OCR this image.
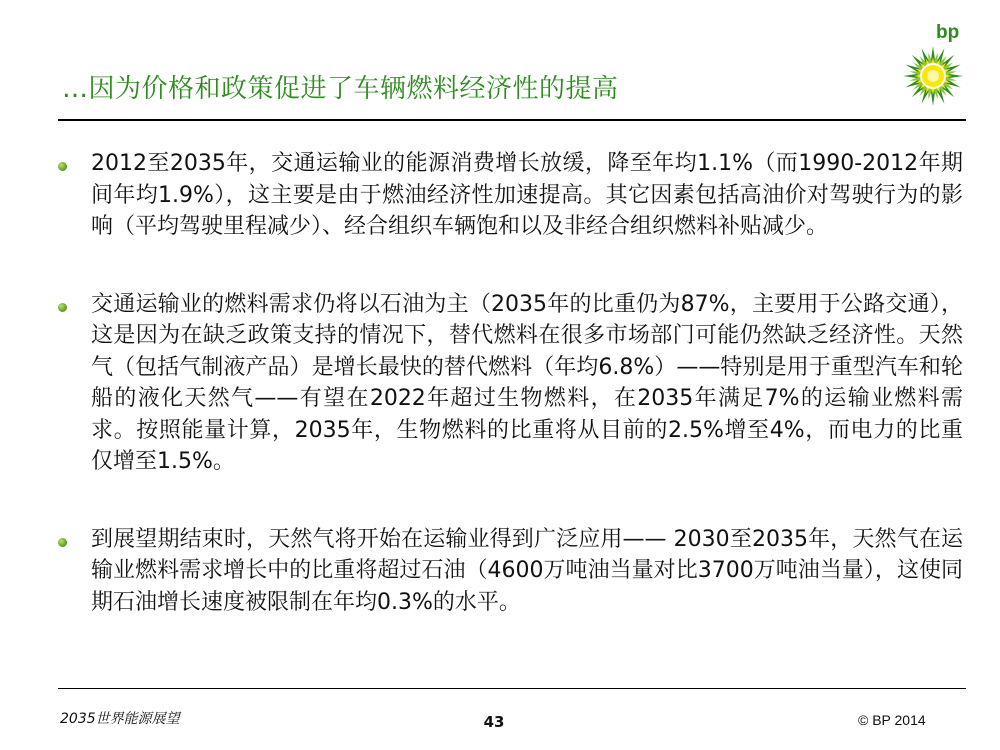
…因为价格和政策促进了车辆燃料经济性的提高
bp
2012至2035年，交通运输业的能源消费增长放缓，降至年均1.1%（而1990-2012年期间年均1.9%），这主要是由于燃油经济性加速提高。其它因素包括高油价对驾驶行为的影响（平均驾驶里程减少）、经合组织车辆饱和以及非经合组织燃料补贴减少。
交通运输业的燃料需求仍将以石油为主（2035年的比重仍为87%，主要用于公路交通），这是因为在缺乏政策支持的情况下，替代燃料在很多市场部门可能仍然缺乏经济性。天然气（包括气制液产品）是增长最快的替代燃料（年均6.8%）——特别是用于重型汽车和轮船的液化天然气——有望在2022年超过生物燃料，在2035年满足7%的运输业燃料需求。按照能量计算，2035年，生物燃料的比重将从目前的2.5%增至4%，而电力的比重仅增至1.5%。
到展望期结束时，天然气将开始在运输业得到广泛应用—— 2030至2035年，天然气在运输业燃料需求增长中的比重将超过石油（4600万吨油当量对比3700万吨油当量），这使同期石油增长速度被限制在年均0.3%的水平。
2035世界能源展望	43	© BP 2014
